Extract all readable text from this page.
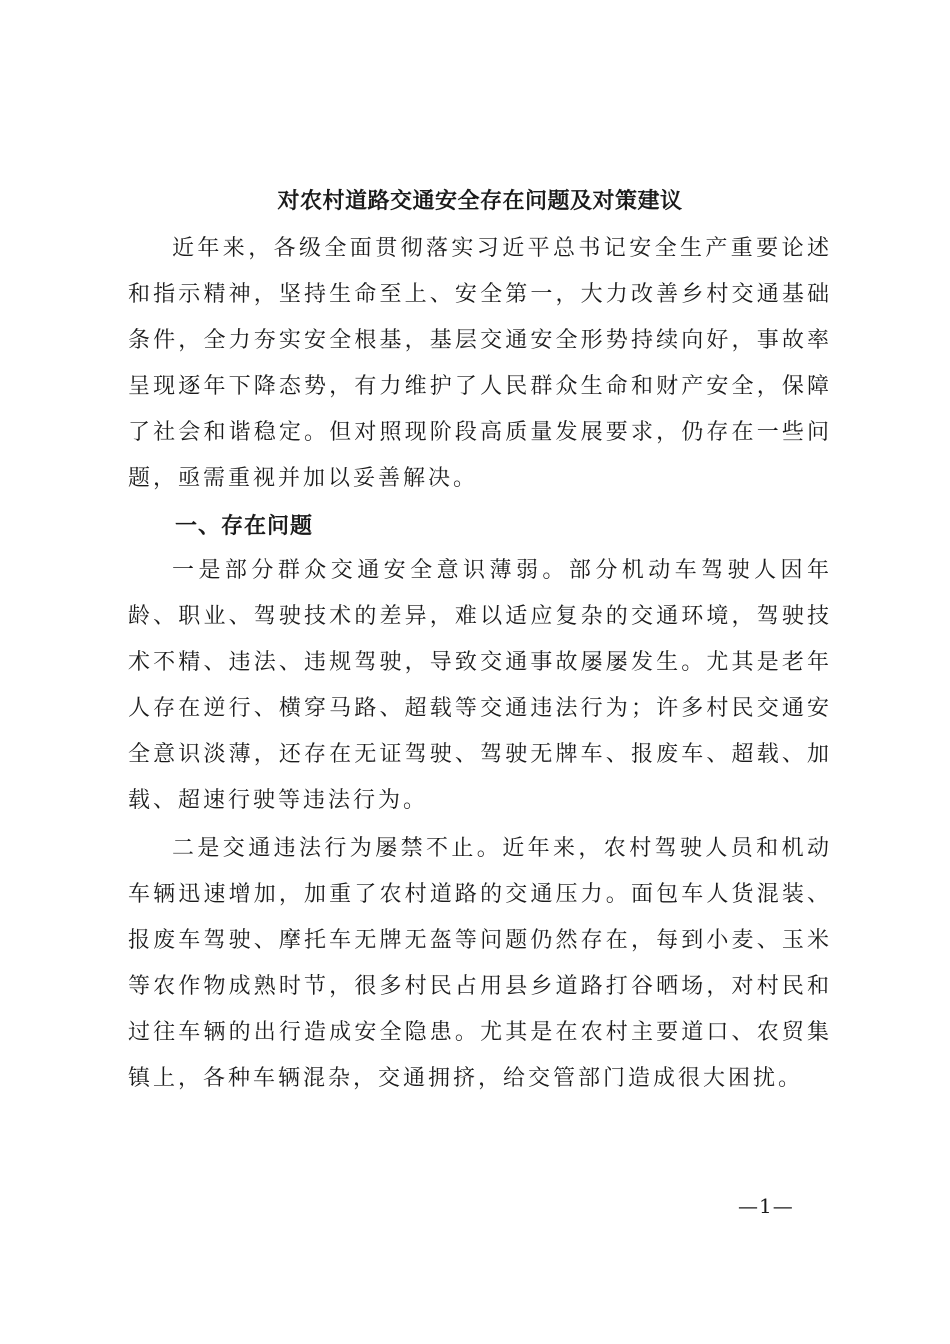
对农村道路交通安全存在问题及对策建议

近年来，各级全面贯彻落实习近平总书记安全生产重要论述和指示精神，坚持生命至上、安全第一，大力改善乡村交通基础条件，全力夯实安全根基，基层交通安全形势持续向好，事故率呈现逐年下降态势，有力维护了人民群众生命和财产安全，保障了社会和谐稳定。但对照现阶段高质量发展要求，仍存在一些问题，亟需重视并加以妥善解决。

一、存在问题

一是部分群众交通安全意识薄弱。部分机动车驾驶人因年龄、职业、驾驶技术的差异，难以适应复杂的交通环境，驾驶技术不精、违法、违规驾驶，导致交通事故屡屡发生。尤其是老年人存在逆行、横穿马路、超载等交通违法行为；许多村民交通安全意识淡薄，还存在无证驾驶、驾驶无牌车、报废车、超载、加载、超速行驶等违法行为。

二是交通违法行为屡禁不止。近年来，农村驾驶人员和机动车辆迅速增加，加重了农村道路的交通压力。面包车人货混装、报废车驾驶、摩托车无牌无盔等问题仍然存在，每到小麦、玉米等农作物成熟时节，很多村民占用县乡道路打谷晒场，对村民和过往车辆的出行造成安全隐患。尤其是在农村主要道口、农贸集镇上，各种车辆混杂，交通拥挤，给交管部门造成很大困扰。

—1—
